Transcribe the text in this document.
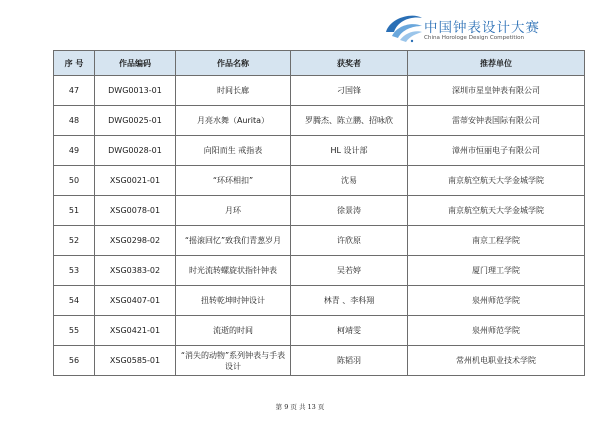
中国钟表设计大赛
China Horologe Design Competition
序 号	作品编码	作品名称	获奖者	推荐单位
47	DWG0013-01	时间长廊	刁国锋	深圳市星皇钟表有限公司
48	DWG0025-01	月亮水舞（Aurita）	罗腾杰、陈立鹏、招咏欣	雷蒂安钟表国际有限公司
49	DWG0028-01	向阳而生 戒指表	HL 设计部	漳州市恒丽电子有限公司
50	XSG0021-01	“环环相扣”	沈易	南京航空航天大学金城学院
51	XSG0078-01	月环	徐景涛	南京航空航天大学金城学院
52	XSG0298-02	“摇滚回忆”致我们青葱岁月	许欣原	南京工程学院
53	XSG0383-02	时光流转螺旋状指针钟表	吴若婷	厦门理工学院
54	XSG0407-01	扭转乾坤时钟设计	林青 、李科翔	泉州师范学院
55	XSG0421-01	流逝的时间	柯靖雯	泉州师范学院
56	XSG0585-01	“消失的动物”系列钟表与手表设计	陈韬羽	常州机电职业技术学院
第 9 页 共 13 页
